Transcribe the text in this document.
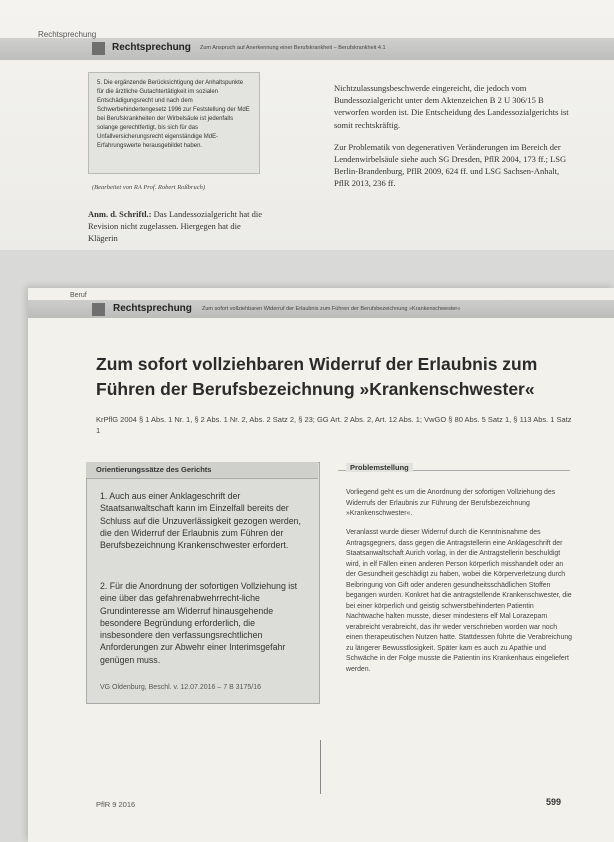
Rechtsprechung
Rechtsprechung Zum Anspruch auf Anerkennung einer Berufskrankheit – Berufskrankheit 4.1
5. Die ergänzende Berücksichtigung der Anhaltspunkte für die ärztliche Gutachtertätigkeit im sozialen Entschädigungsrecht und nach dem Schwerbehindertengesetz 1996 zur Feststellung der MdE bei Berufskrankheiten der Wirbelsäule ist jedenfalls solange gerechtfertigt, bis sich für das Unfallversicherungsrecht eigenständige MdE-Erfahrungswerte herausgebildet haben.
(Bearbeitet von RA Prof. Robert Roßbruch)
Anm. d. Schriftl.: Das Landessozialgericht hat die Revision nicht zugelassen. Hiergegen hat die Klägerin

Nichtzulassungsbeschwerde eingereicht, die jedoch vom Bundessozialgericht unter dem Aktenzeichen B 2 U 306/15 B verworfen worden ist. Die Entscheidung des Landessozialgerichts ist somit rechtskräftig.

Zur Problematik von degenerativen Veränderungen im Bereich der Lendenwirbelsäule siehe auch SG Dresden, PflR 2004, 173 ff.; LSG Berlin-Brandenburg, PflR 2009, 624 ff. und LSG Sachsen-Anhalt, PflR 2013, 236 ff.

Beruf
Rechtsprechung Zum sofort vollziehbaren Widerruf der Erlaubnis zum Führen der Berufsbezeichnung »Krankenschwester«
Zum sofort vollziehbaren Widerruf der Erlaubnis zum
Führen der Berufsbezeichnung »Krankenschwester«
KrPflG 2004 § 1 Abs. 1 Nr. 1, § 2 Abs. 1 Nr. 2, Abs. 2 Satz 2, § 23; GG Art. 2 Abs. 2, Art. 12 Abs. 1; VwGO § 80 Abs. 5 Satz 1, § 113 Abs. 1 Satz 1
Orientierungssätze des Gerichts
1. Auch aus einer Anklageschrift der Staatsanwaltschaft kann im Einzelfall bereits der Schluss auf die Unzuverlässigkeit gezogen werden, die den Widerruf der Erlaubnis zum Führen der Berufsbezeichnung Krankenschwester erfordert.
2. Für die Anordnung der sofortigen Vollziehung ist eine über das gefahrenabwehrrecht-liche Grundinteresse am Widerruf hinausgehende besondere Begründung erforderlich, die insbesondere den verfassungsrechtlichen Anforderungen zur Abwehr einer Interimsgefahr genügen muss.
VG Oldenburg, Beschl. v. 12.07.2016 – 7 B 3175/16
Problemstellung
Vorliegend geht es um die Anordnung der sofortigen Vollziehung des Widerrufs der Erlaubnis zur Führung der Berufsbezeichnung »Krankenschwester«.
Veranlasst wurde dieser Widerruf durch die Kenntnisnahme des Antragsgegners, dass gegen die Antragstellerin eine Anklageschrift der Staatsanwaltschaft Aurich vorlag, in der die Antragstellerin beschuldigt wird, in elf Fällen einen anderen Person körperlich misshandelt oder an der Gesundheit geschädigt zu haben, wobei die Körperverletzung durch Beibringung von Gift oder anderen gesundheitsschädlichen Stoffen begangen wurden. Konkret hat die antragstellende Krankenschwester, die bei einer körperlich und geistig schwerstbehinderten Patientin Nachtwache halten musste, dieser mindestens elf Mal Lorazepam verabreicht verabreicht, das ihr weder verschrieben worden war noch einen therapeutischen Nutzen hatte. Stattdessen führte die Verabreichung zu längerer Bewusstlosigkeit. Später kam es auch zu Apathie und Schwäche in der Folge musste die Patientin ins Krankenhaus eingeliefert werden.
PflR 9 2016	599
